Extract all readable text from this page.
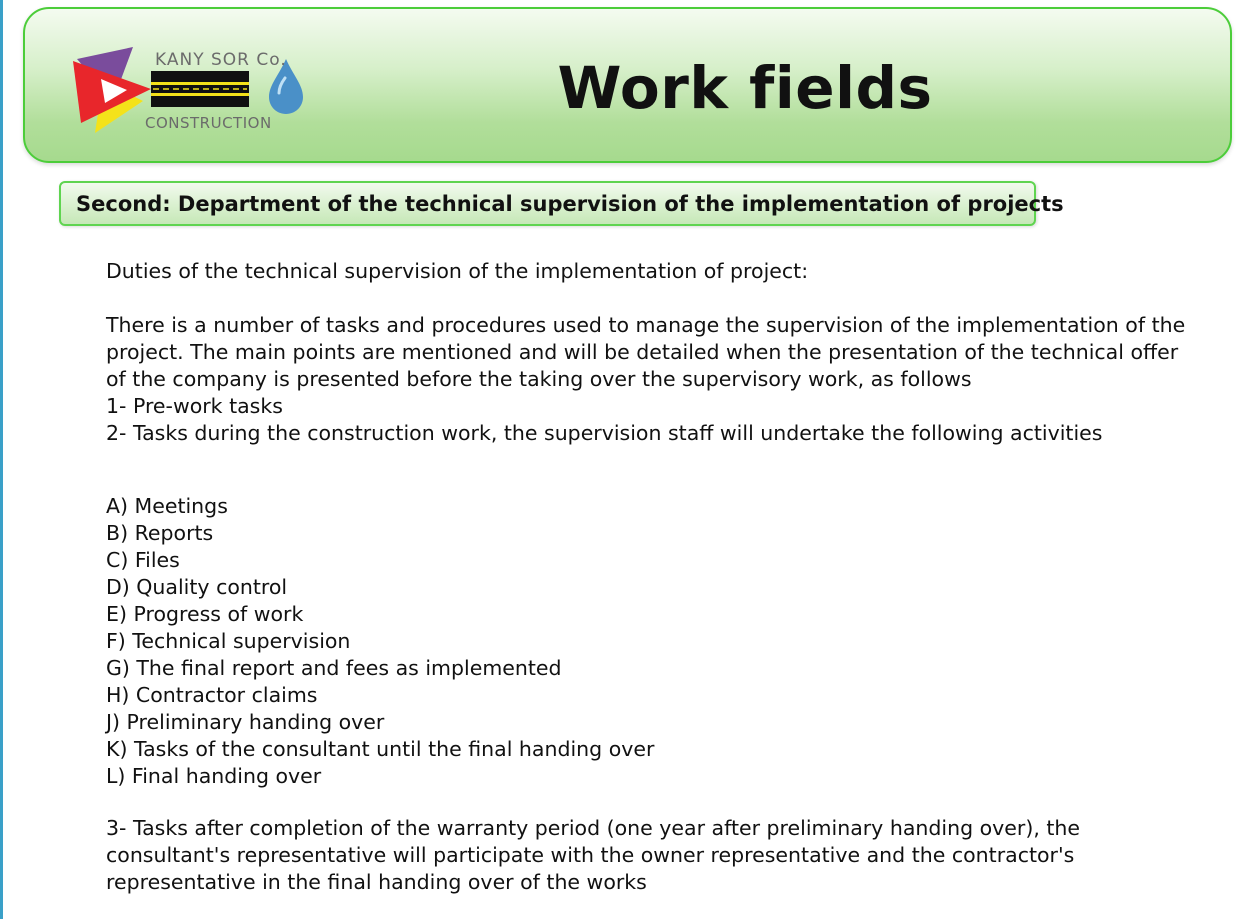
KANY SOR Co.
CONSTRUCTION
Work fields
Second: Department of the technical supervision of the implementation of projects

Duties of the technical supervision of the implementation of project:

There is a number of tasks and procedures used to manage the supervision of the implementation of the
project. The main points are mentioned and will be detailed when the presentation of the technical offer
of the company is presented before the taking over the supervisory work, as follows
1- Pre-work tasks
2- Tasks during the construction work, the supervision staff will undertake the following activities
A) Meetings
B) Reports
C) Files
D) Quality control
E) Progress of work
F) Technical supervision
G) The final report and fees as implemented
H) Contractor claims
J) Preliminary handing over
K) Tasks of the consultant until the final handing over
L) Final handing over
3- Tasks after completion of the warranty period (one year after preliminary handing over), the
consultant's representative will participate with the owner representative and the contractor's
representative in the final handing over of the works
